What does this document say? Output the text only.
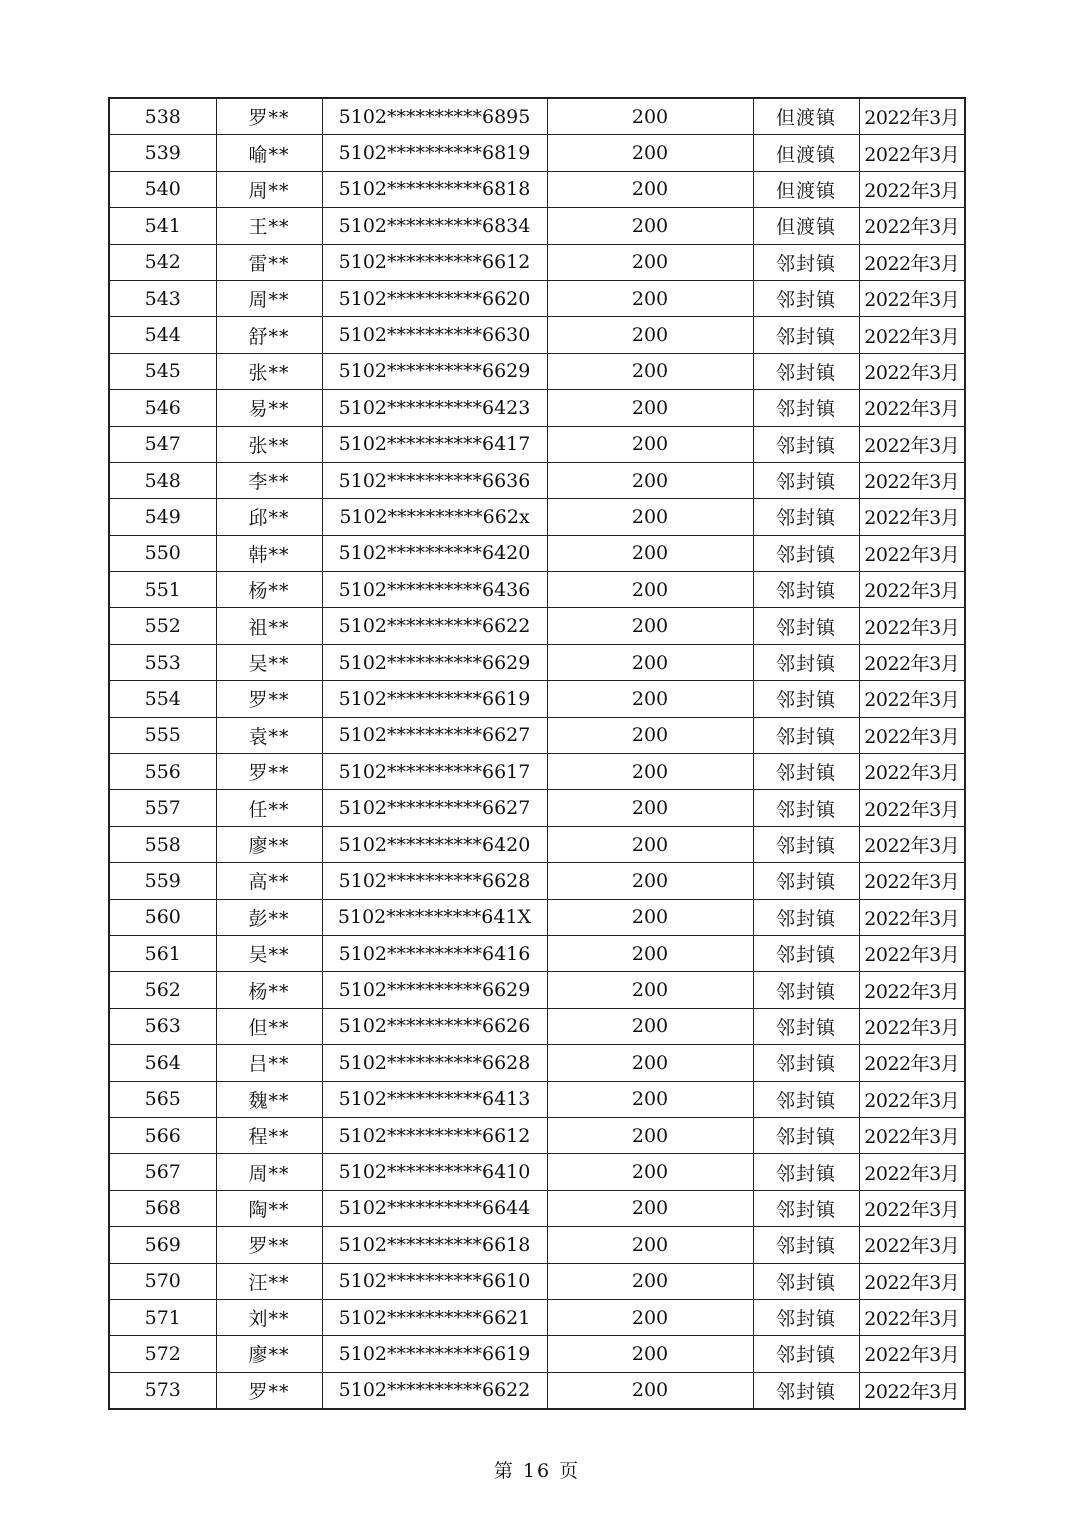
538	罗**	5102**********6895	200	但渡镇	2022年3月
539	喻**	5102**********6819	200	但渡镇	2022年3月
540	周**	5102**********6818	200	但渡镇	2022年3月
541	王**	5102**********6834	200	但渡镇	2022年3月
542	雷**	5102**********6612	200	邻封镇	2022年3月
543	周**	5102**********6620	200	邻封镇	2022年3月
544	舒**	5102**********6630	200	邻封镇	2022年3月
545	张**	5102**********6629	200	邻封镇	2022年3月
546	易**	5102**********6423	200	邻封镇	2022年3月
547	张**	5102**********6417	200	邻封镇	2022年3月
548	李**	5102**********6636	200	邻封镇	2022年3月
549	邱**	5102**********662x	200	邻封镇	2022年3月
550	韩**	5102**********6420	200	邻封镇	2022年3月
551	杨**	5102**********6436	200	邻封镇	2022年3月
552	祖**	5102**********6622	200	邻封镇	2022年3月
553	吴**	5102**********6629	200	邻封镇	2022年3月
554	罗**	5102**********6619	200	邻封镇	2022年3月
555	袁**	5102**********6627	200	邻封镇	2022年3月
556	罗**	5102**********6617	200	邻封镇	2022年3月
557	任**	5102**********6627	200	邻封镇	2022年3月
558	廖**	5102**********6420	200	邻封镇	2022年3月
559	高**	5102**********6628	200	邻封镇	2022年3月
560	彭**	5102**********641X	200	邻封镇	2022年3月
561	吴**	5102**********6416	200	邻封镇	2022年3月
562	杨**	5102**********6629	200	邻封镇	2022年3月
563	但**	5102**********6626	200	邻封镇	2022年3月
564	吕**	5102**********6628	200	邻封镇	2022年3月
565	魏**	5102**********6413	200	邻封镇	2022年3月
566	程**	5102**********6612	200	邻封镇	2022年3月
567	周**	5102**********6410	200	邻封镇	2022年3月
568	陶**	5102**********6644	200	邻封镇	2022年3月
569	罗**	5102**********6618	200	邻封镇	2022年3月
570	汪**	5102**********6610	200	邻封镇	2022年3月
571	刘**	5102**********6621	200	邻封镇	2022年3月
572	廖**	5102**********6619	200	邻封镇	2022年3月
573	罗**	5102**********6622	200	邻封镇	2022年3月
第 16 页
